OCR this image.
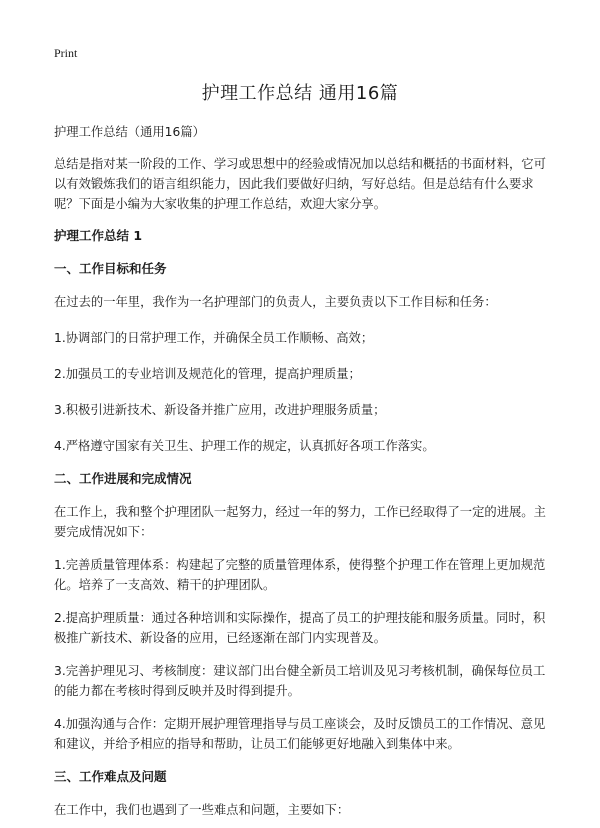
Print
护理工作总结 通用16篇

护理工作总结（通用16篇）

总结是指对某一阶段的工作、学习或思想中的经验或情况加以总结和概括的书面材料，它可以有效锻炼我们的语言组织能力，因此我们要做好归纳，写好总结。但是总结有什么要求呢？下面是小编为大家收集的护理工作总结，欢迎大家分享。

护理工作总结 1

一、工作目标和任务

在过去的一年里，我作为一名护理部门的负责人，主要负责以下工作目标和任务：

1.协调部门的日常护理工作，并确保全员工作顺畅、高效；

2.加强员工的专业培训及规范化的管理，提高护理质量；

3.积极引进新技术、新设备并推广应用，改进护理服务质量；

4.严格遵守国家有关卫生、护理工作的规定，认真抓好各项工作落实。

二、工作进展和完成情况

在工作上，我和整个护理团队一起努力，经过一年的努力，工作已经取得了一定的进展。主要完成情况如下：

1.完善质量管理体系：构建起了完整的质量管理体系，使得整个护理工作在管理上更加规范化。培养了一支高效、精干的护理团队。

2.提高护理质量：通过各种培训和实际操作，提高了员工的护理技能和服务质量。同时，积极推广新技术、新设备的应用，已经逐渐在部门内实现普及。

3.完善护理见习、考核制度：建议部门出台健全新员工培训及见习考核机制，确保每位员工的能力都在考核时得到反映并及时得到提升。

4.加强沟通与合作：定期开展护理管理指导与员工座谈会，及时反馈员工的工作情况、意见和建议，并给予相应的指导和帮助，让员工们能够更好地融入到集体中来。

三、工作难点及问题

在工作中，我们也遇到了一些难点和问题，主要如下：
